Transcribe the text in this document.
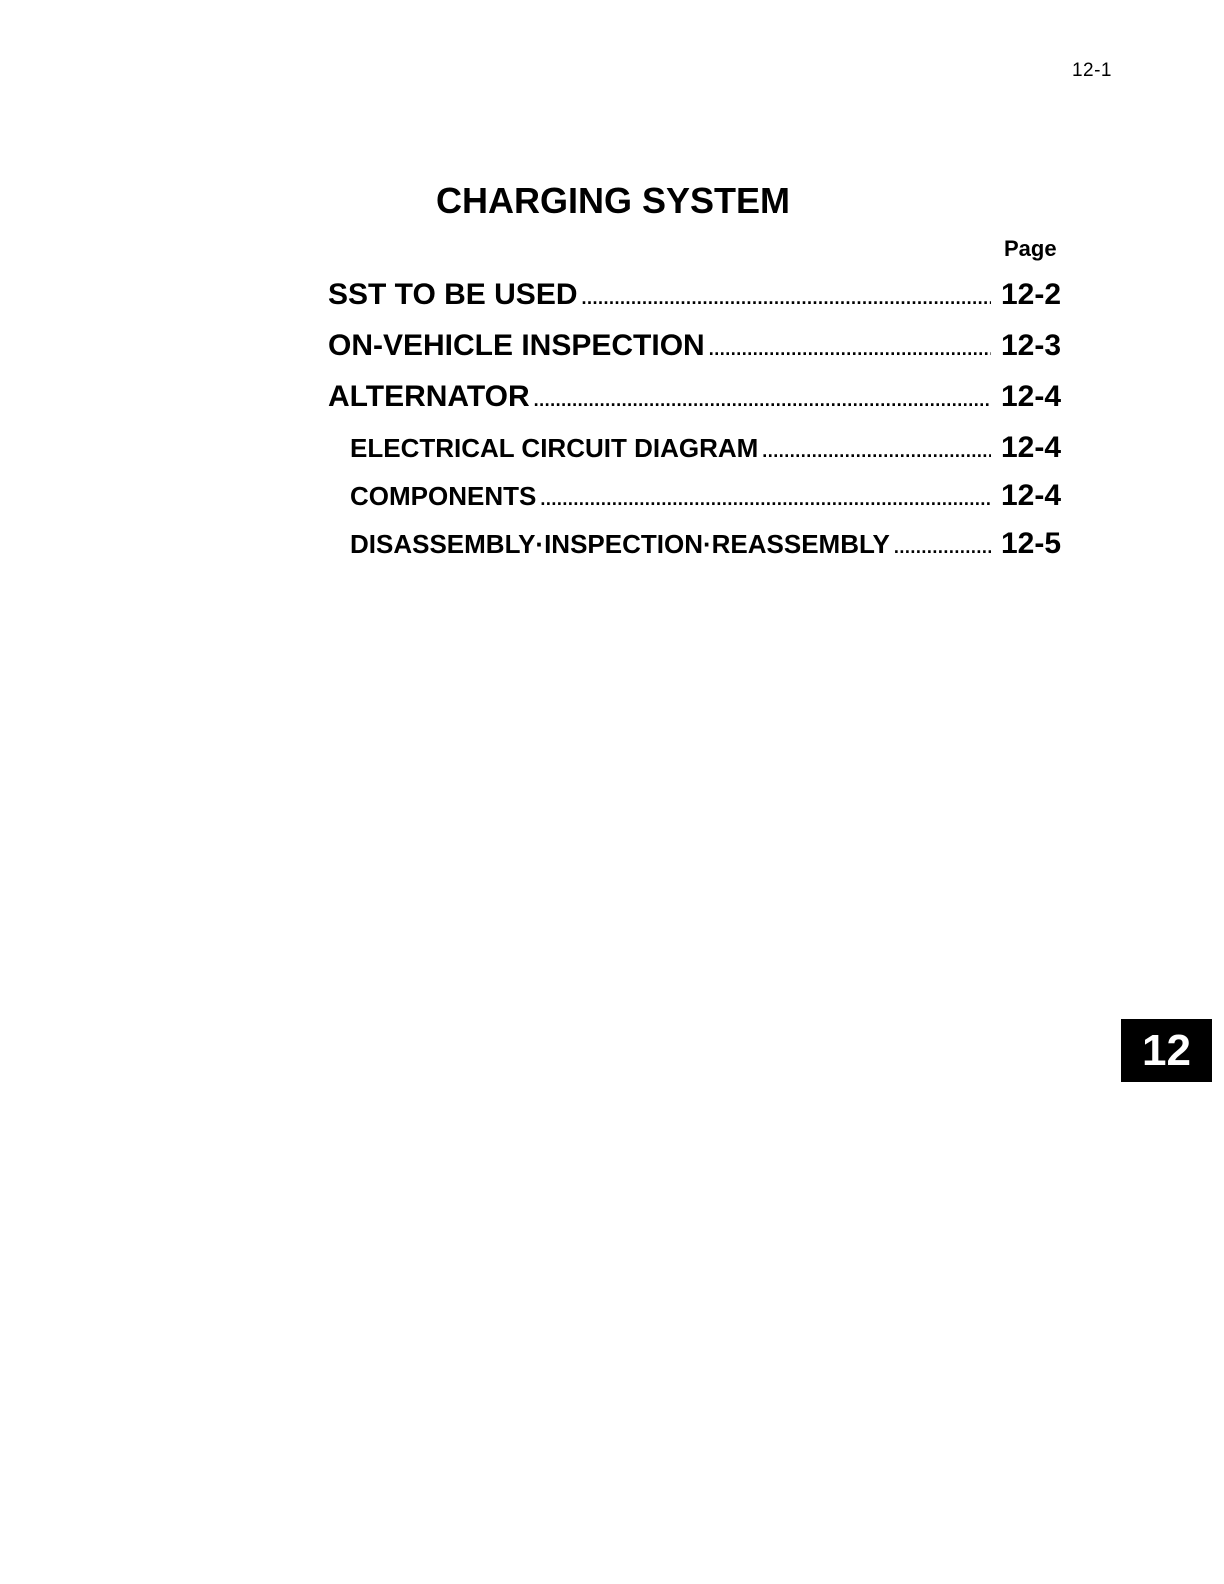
12-1
CHARGING SYSTEM
Page
SST TO BE USED .....	12-2
ON-VEHICLE INSPECTION .....	12-3
ALTERNATOR .....	12-4
ELECTRICAL CIRCUIT DIAGRAM .....	12-4
COMPONENTS .....	12-4
DISASSEMBLY·INSPECTION·REASSEMBLY .....	12-5
12
